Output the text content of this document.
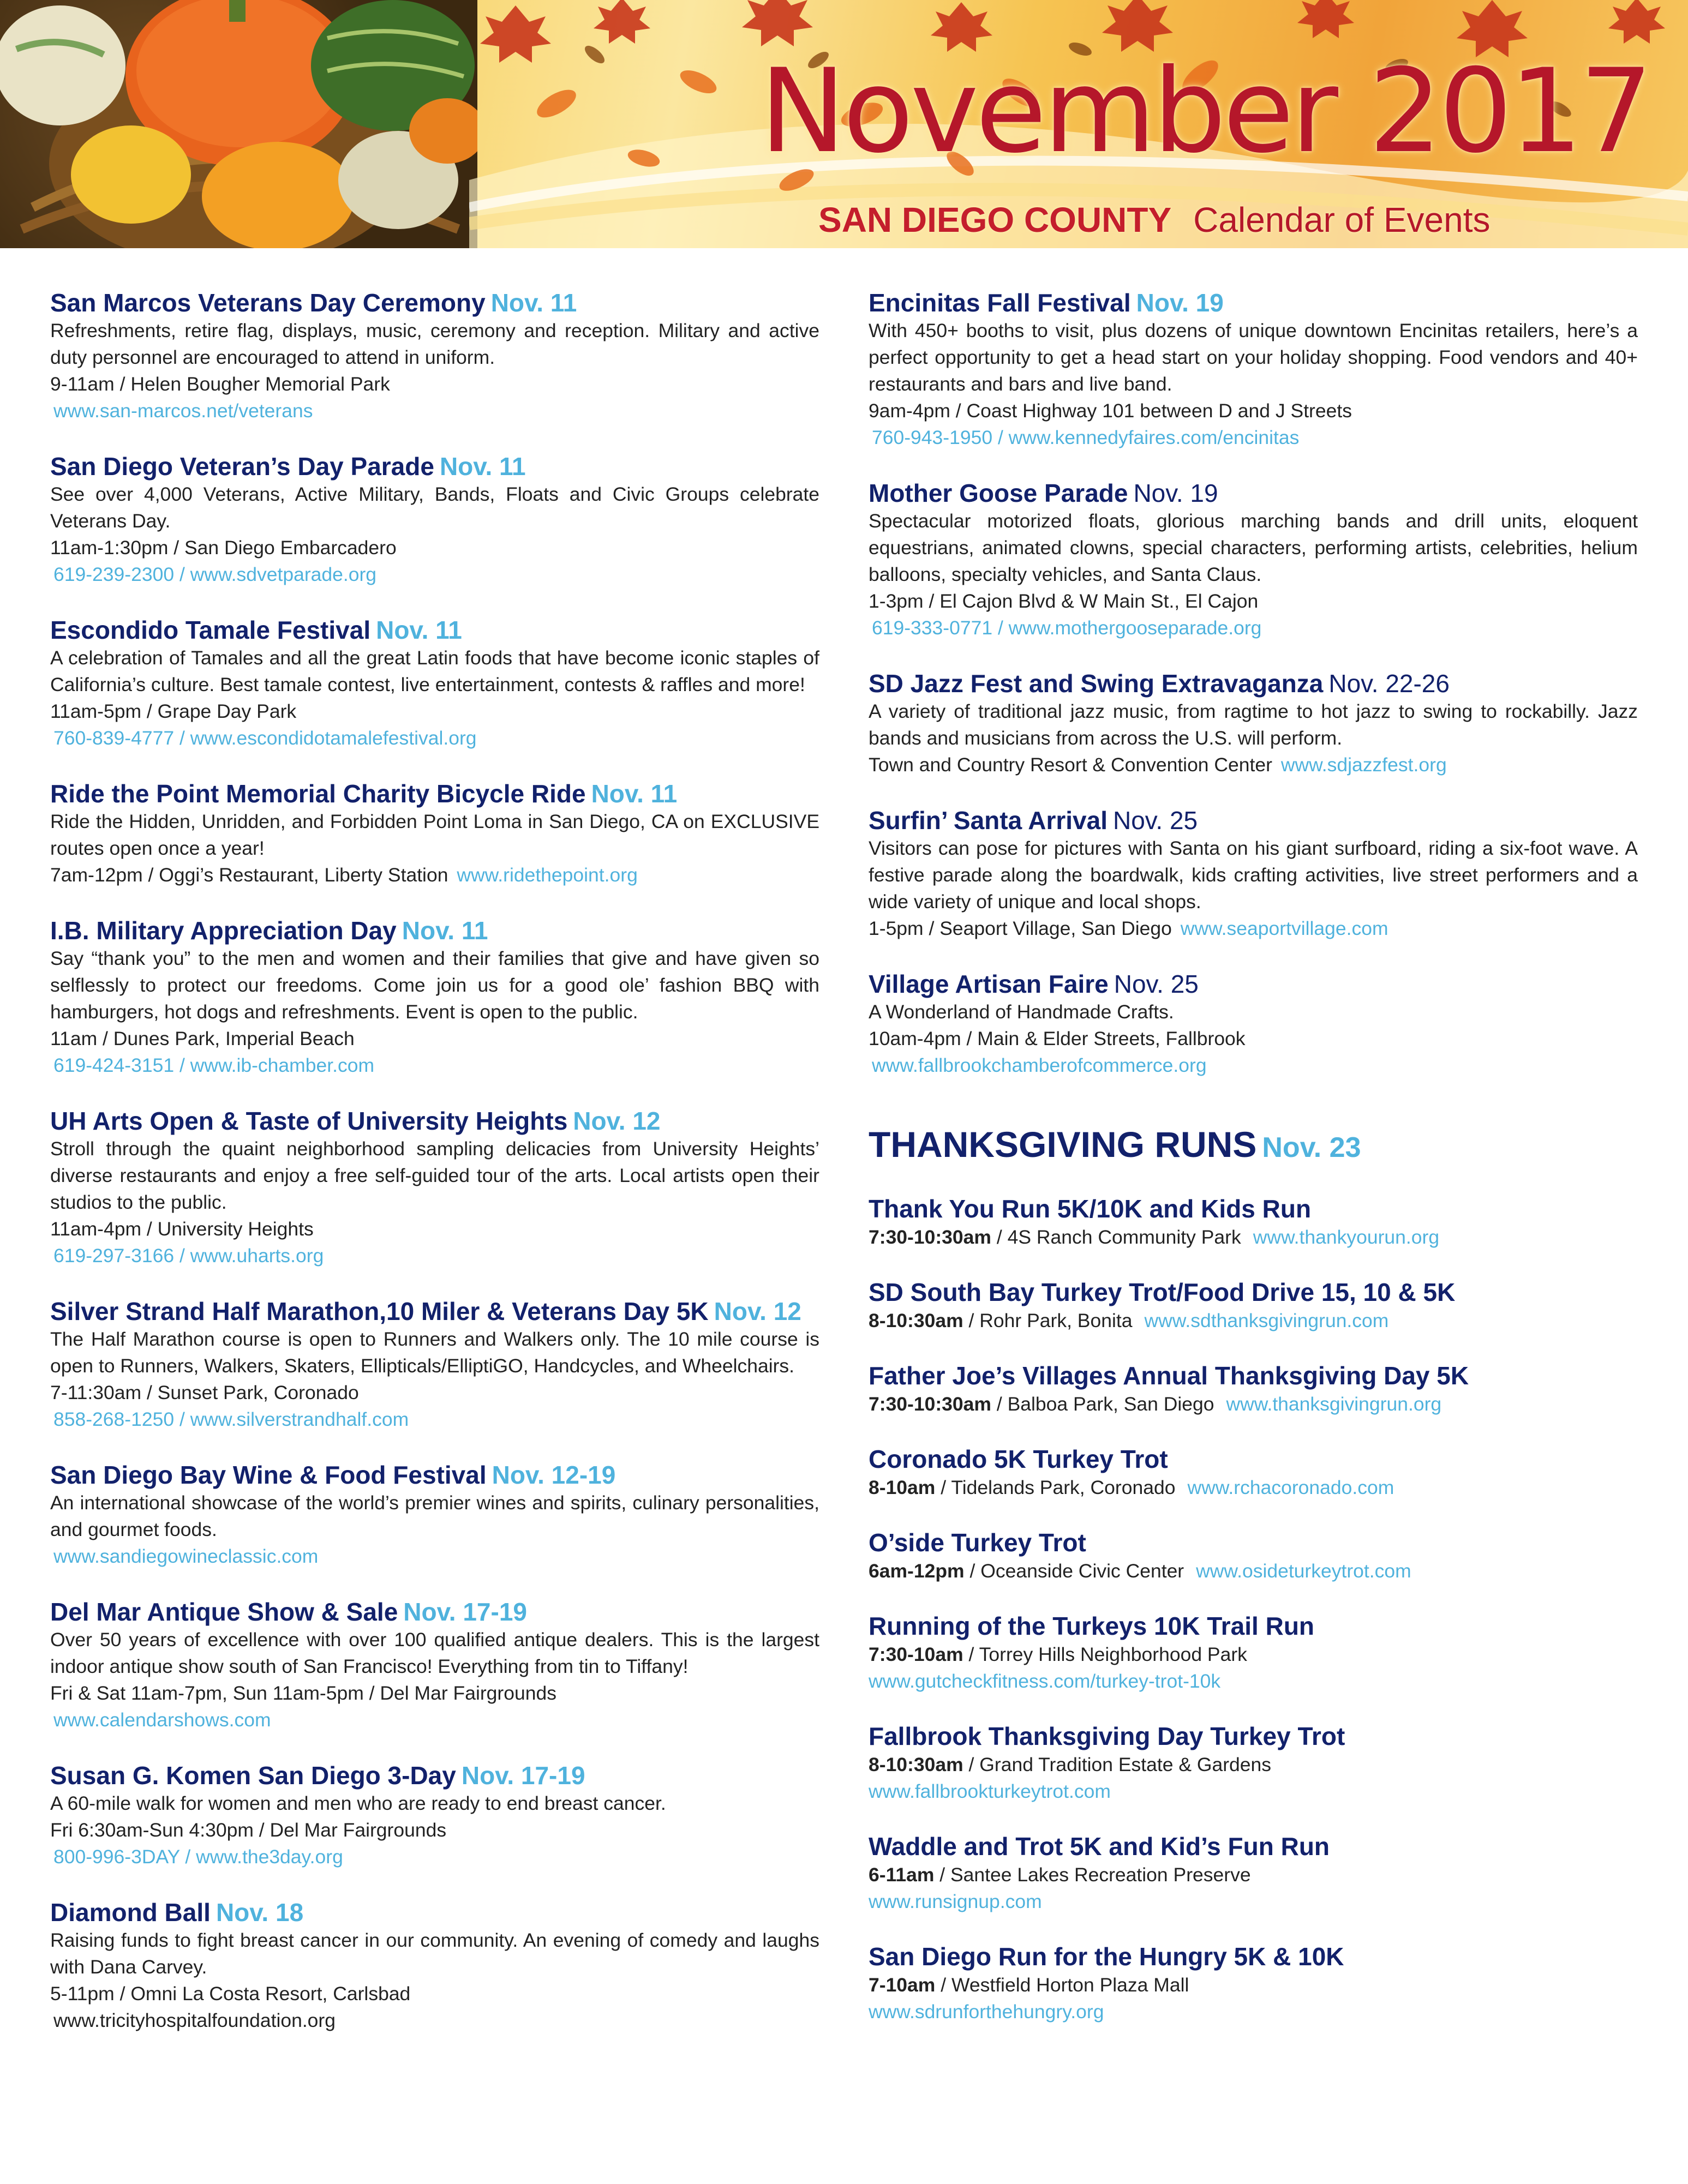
November 2017
SAN DIEGO COUNTY Calendar of Events
San Marcos Veterans Day Ceremony Nov. 11

Refreshments, retire flag, displays, music, ceremony and reception. Military and active duty personnel are encouraged to attend in uniform.

9-11am / Helen Bougher Memorial Park

www.san-marcos.net/veterans

San Diego Veteran’s Day Parade Nov. 11

See over 4,000 Veterans, Active Military, Bands, Floats and Civic Groups celebrate Veterans Day.

11am-1:30pm / San Diego Embarcadero

619-239-2300 / www.sdvetparade.org

Escondido Tamale Festival Nov. 11

A celebration of Tamales and all the great Latin foods that have become iconic staples of California’s culture. Best tamale contest, live entertainment, contests & raffles and more!

11am-5pm / Grape Day Park

760-839-4777 / www.escondidotamalefestival.org

Ride the Point Memorial Charity Bicycle Ride Nov. 11

Ride the Hidden, Unridden, and Forbidden Point Loma in San Diego, CA on EXCLUSIVE routes open once a year!

7am-12pm / Oggi’s Restaurant, Liberty Station www.ridethepoint.org

I.B. Military Appreciation Day Nov. 11

Say “thank you” to the men and women and their families that give and have given so selflessly to protect our freedoms. Come join us for a good ole’ fashion BBQ with hamburgers, hot dogs and refreshments. Event is open to the public.

11am / Dunes Park, Imperial Beach

619-424-3151 / www.ib-chamber.com

UH Arts Open & Taste of University Heights Nov. 12

Stroll through the quaint neighborhood sampling delicacies from University Heights’ diverse restaurants and enjoy a free self-guided tour of the arts. Local artists open their studios to the public.

11am-4pm / University Heights

619-297-3166 / www.uharts.org

Silver Strand Half Marathon,10 Miler & Veterans Day 5K Nov. 12

The Half Marathon course is open to Runners and Walkers only. The 10 mile course is open to Runners, Walkers, Skaters, Ellipticals/ElliptiGO, Handcycles, and Wheelchairs.

7-11:30am / Sunset Park, Coronado

858-268-1250 / www.silverstrandhalf.com

San Diego Bay Wine & Food Festival Nov. 12-19

An international showcase of the world’s premier wines and spirits, culinary personalities, and gourmet foods.

www.sandiegowineclassic.com

Del Mar Antique Show & Sale Nov. 17-19

Over 50 years of excellence with over 100 qualified antique dealers. This is the largest indoor antique show south of San Francisco! Everything from tin to Tiffany!

Fri & Sat 11am-7pm, Sun 11am-5pm / Del Mar Fairgrounds

www.calendarshows.com

Susan G. Komen San Diego 3-Day Nov. 17-19

A 60-mile walk for women and men who are ready to end breast cancer.

Fri 6:30am-Sun 4:30pm / Del Mar Fairgrounds

800-996-3DAY / www.the3day.org

Diamond Ball Nov. 18

Raising funds to fight breast cancer in our community. An evening of comedy and laughs with Dana Carvey.

5-11pm / Omni La Costa Resort, Carlsbad

www.tricityhospitalfoundation.org

Encinitas Fall Festival Nov. 19

With 450+ booths to visit, plus dozens of unique downtown Encinitas retailers, here’s a perfect opportunity to get a head start on your holiday shopping. Food vendors and 40+ restaurants and bars and live band.

9am-4pm / Coast Highway 101 between D and J Streets

760-943-1950 / www.kennedyfaires.com/encinitas

Mother Goose Parade Nov. 19

Spectacular motorized floats, glorious marching bands and drill units, eloquent equestrians, animated clowns, special characters, performing artists, celebrities, helium balloons, specialty vehicles, and Santa Claus.

1-3pm / El Cajon Blvd & W Main St., El Cajon

619-333-0771 / www.mothergooseparade.org

SD Jazz Fest and Swing Extravaganza Nov. 22-26

A variety of traditional jazz music, from ragtime to hot jazz to swing to rockabilly. Jazz bands and musicians from across the U.S. will perform.

Town and Country Resort & Convention Center www.sdjazzfest.org

Surfin’ Santa Arrival Nov. 25

Visitors can pose for pictures with Santa on his giant surfboard, riding a six-foot wave. A festive parade along the boardwalk, kids crafting activities, live street performers and a wide variety of unique and local shops.

1-5pm / Seaport Village, San Diego www.seaportvillage.com

Village Artisan Faire Nov. 25

A Wonderland of Handmade Crafts.

10am-4pm / Main & Elder Streets, Fallbrook

www.fallbrookchamberofcommerce.org

THANKSGIVING RUNS Nov. 23
Thank You Run 5K/10K and Kids Run

7:30-10:30am / 4S Ranch Community Park www.thankyourun.org

SD South Bay Turkey Trot/Food Drive 15, 10 & 5K

8-10:30am / Rohr Park, Bonita www.sdthanksgivingrun.com

Father Joe’s Villages Annual Thanksgiving Day 5K

7:30-10:30am / Balboa Park, San Diego www.thanksgivingrun.org

Coronado 5K Turkey Trot

8-10am / Tidelands Park, Coronado www.rchacoronado.com

O’side Turkey Trot

6am-12pm / Oceanside Civic Center www.osideturkeytrot.com

Running of the Turkeys 10K Trail Run

7:30-10am / Torrey Hills Neighborhood Park

www.gutcheckfitness.com/turkey-trot-10k

Fallbrook Thanksgiving Day Turkey Trot

8-10:30am / Grand Tradition Estate & Gardens

www.fallbrookturkeytrot.com

Waddle and Trot 5K and Kid’s Fun Run

6-11am / Santee Lakes Recreation Preserve

www.runsignup.com

San Diego Run for the Hungry 5K & 10K

7-10am / Westfield Horton Plaza Mall

www.sdrunforthehungry.org
